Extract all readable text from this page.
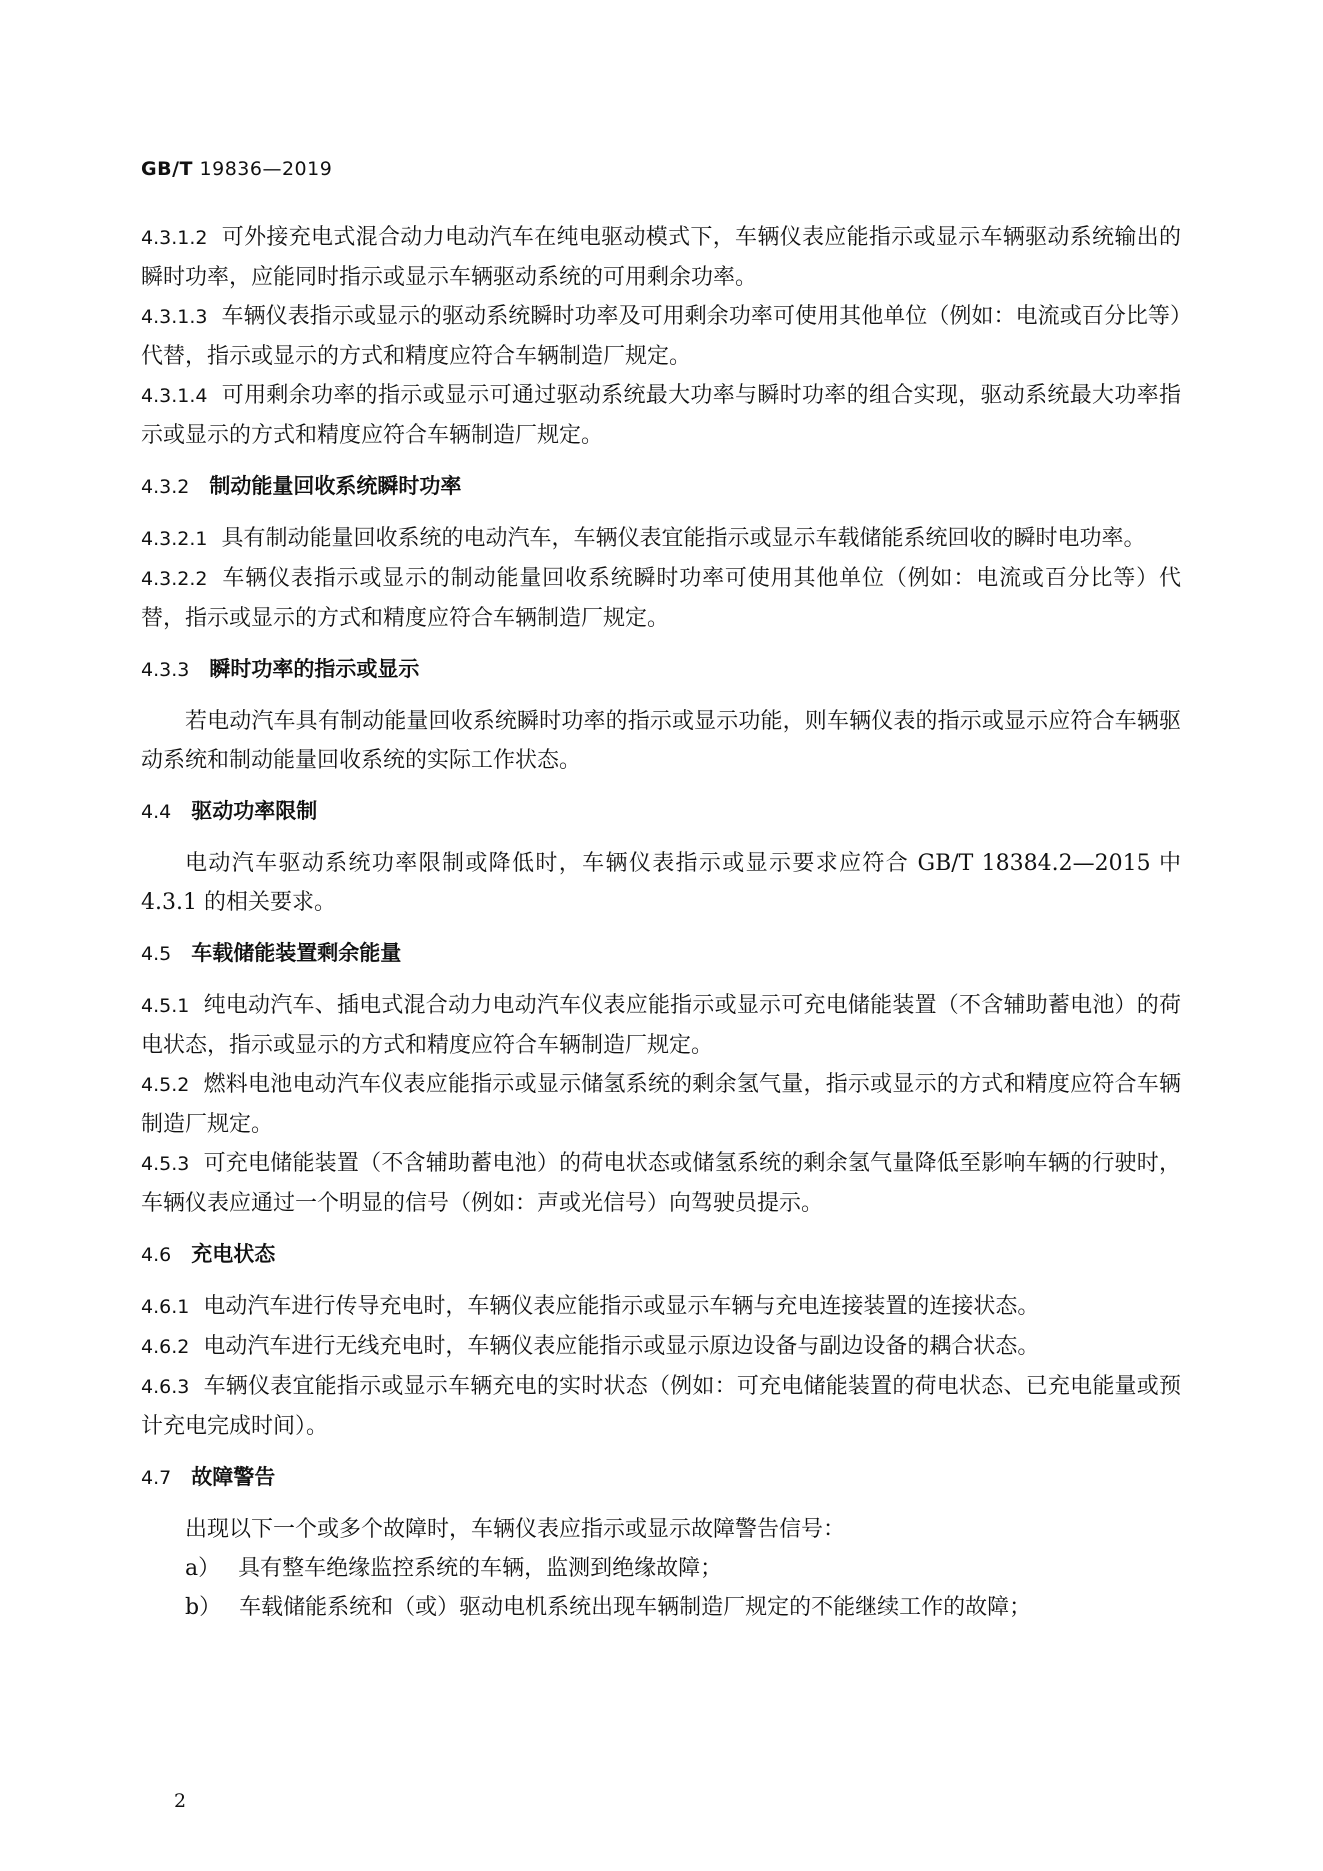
GB/T 19836—2019

4.3.1.2 可外接充电式混合动力电动汽车在纯电驱动模式下，车辆仪表应能指示或显示车辆驱动系统输出的瞬时功率，应能同时指示或显示车辆驱动系统的可用剩余功率。

4.3.1.3 车辆仪表指示或显示的驱动系统瞬时功率及可用剩余功率可使用其他单位（例如：电流或百分比等）代替，指示或显示的方式和精度应符合车辆制造厂规定。

4.3.1.4 可用剩余功率的指示或显示可通过驱动系统最大功率与瞬时功率的组合实现，驱动系统最大功率指示或显示的方式和精度应符合车辆制造厂规定。

4.3.2 制动能量回收系统瞬时功率

4.3.2.1 具有制动能量回收系统的电动汽车，车辆仪表宜能指示或显示车载储能系统回收的瞬时电功率。

4.3.2.2 车辆仪表指示或显示的制动能量回收系统瞬时功率可使用其他单位（例如：电流或百分比等）代替，指示或显示的方式和精度应符合车辆制造厂规定。

4.3.3 瞬时功率的指示或显示

若电动汽车具有制动能量回收系统瞬时功率的指示或显示功能，则车辆仪表的指示或显示应符合车辆驱动系统和制动能量回收系统的实际工作状态。

4.4 驱动功率限制

电动汽车驱动系统功率限制或降低时，车辆仪表指示或显示要求应符合 GB/T 18384.2—2015 中 4.3.1 的相关要求。

4.5 车载储能装置剩余能量

4.5.1 纯电动汽车、插电式混合动力电动汽车仪表应能指示或显示可充电储能装置（不含辅助蓄电池）的荷电状态，指示或显示的方式和精度应符合车辆制造厂规定。

4.5.2 燃料电池电动汽车仪表应能指示或显示储氢系统的剩余氢气量，指示或显示的方式和精度应符合车辆制造厂规定。

4.5.3 可充电储能装置（不含辅助蓄电池）的荷电状态或储氢系统的剩余氢气量降低至影响车辆的行驶时，车辆仪表应通过一个明显的信号（例如：声或光信号）向驾驶员提示。

4.6 充电状态

4.6.1 电动汽车进行传导充电时，车辆仪表应能指示或显示车辆与充电连接装置的连接状态。

4.6.2 电动汽车进行无线充电时，车辆仪表应能指示或显示原边设备与副边设备的耦合状态。

4.6.3 车辆仪表宜能指示或显示车辆充电的实时状态（例如：可充电储能装置的荷电状态、已充电能量或预计充电完成时间）。

4.7 故障警告

出现以下一个或多个故障时，车辆仪表应指示或显示故障警告信号：

a） 具有整车绝缘监控系统的车辆，监测到绝缘故障；

b） 车载储能系统和（或）驱动电机系统出现车辆制造厂规定的不能继续工作的故障；

2
